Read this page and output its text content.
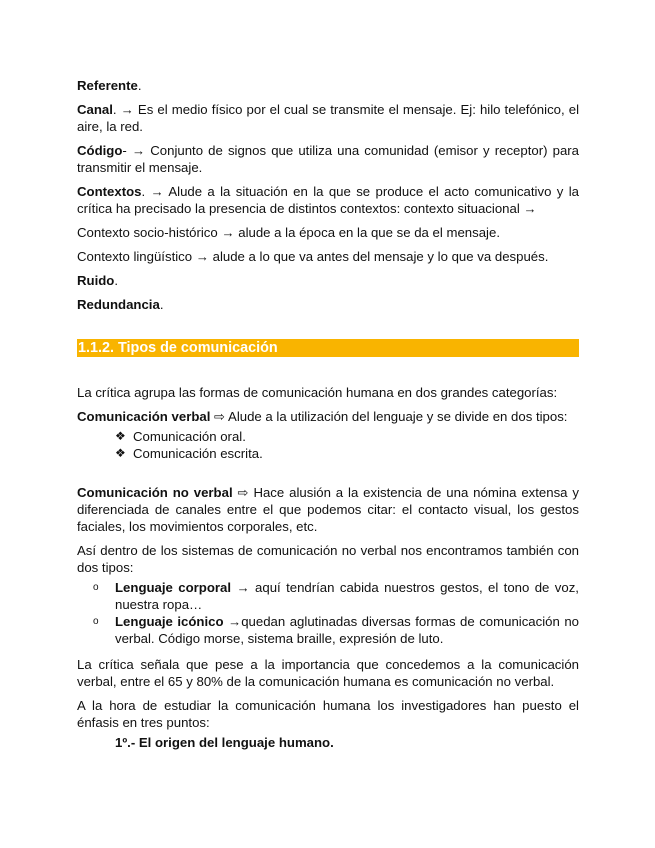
Referente.

Canal. → Es el medio físico por el cual se transmite el mensaje. Ej: hilo telefónico, el aire, la red.

Código- → Conjunto de signos que utiliza una comunidad (emisor y receptor) para transmitir el mensaje.

Contextos. → Alude a la situación en la que se produce el acto comunicativo y la crítica ha precisado la presencia de distintos contextos: contexto situacional →

Contexto socio-histórico → alude a la época en la que se da el mensaje.

Contexto lingüístico → alude a lo que va antes del mensaje y lo que va después.

Ruido.

Redundancia.

1.1.2. Tipos de comunicación

La crítica agrupa las formas de comunicación humana en dos grandes categorías:

Comunicación verbal ⇨ Alude a la utilización del lenguaje y se divide en dos tipos:

❖ Comunicación oral.
❖ Comunicación escrita.

Comunicación no verbal ⇨ Hace alusión a la existencia de una nómina extensa y diferenciada de canales entre el que podemos citar: el contacto visual, los gestos faciales, los movimientos corporales, etc.

Así dentro de los sistemas de comunicación no verbal nos encontramos también con dos tipos:

o Lenguaje corporal → aquí tendrían cabida nuestros gestos, el tono de voz, nuestra ropa…
o Lenguaje icónico →quedan aglutinadas diversas formas de comunicación no verbal. Código morse, sistema braille, expresión de luto.

La crítica señala que pese a la importancia que concedemos a la comunicación verbal, entre el 65 y 80% de la comunicación humana es comunicación no verbal.

A la hora de estudiar la comunicación humana los investigadores han puesto el énfasis en tres puntos:

1º.- El origen del lenguaje humano.
